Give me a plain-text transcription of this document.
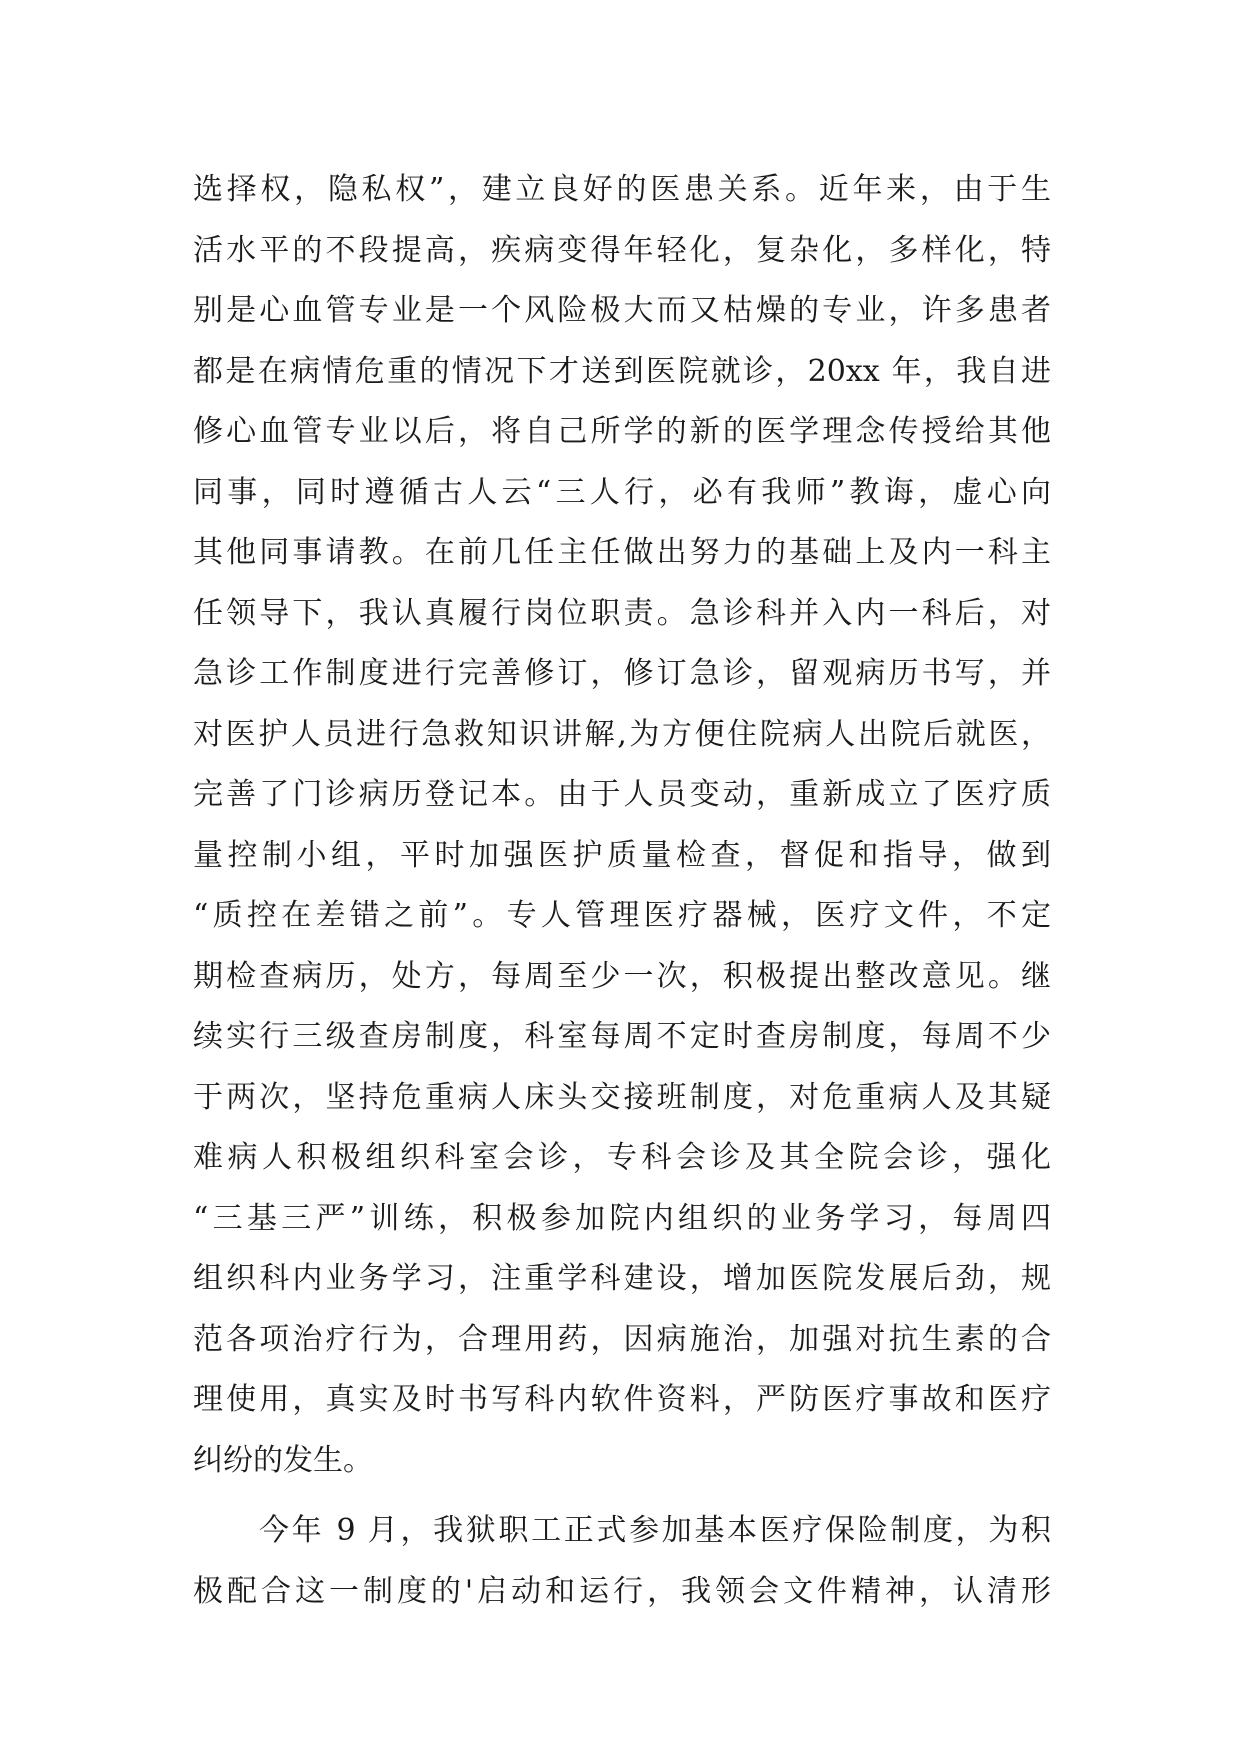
选择权，隐私权”，建立良好的医患关系。近年来，由于生
活水平的不段提高，疾病变得年轻化，复杂化，多样化，特
别是心血管专业是一个风险极大而又枯燥的专业，许多患者
都是在病情危重的情况下才送到医院就诊，20xx 年，我自进
修心血管专业以后，将自己所学的新的医学理念传授给其他
同事，同时遵循古人云“三人行，必有我师”教诲，虚心向
其他同事请教。在前几任主任做出努力的基础上及内一科主
任领导下，我认真履行岗位职责。急诊科并入内一科后，对
急诊工作制度进行完善修订，修订急诊，留观病历书写，并
对医护人员进行急救知识讲解,为方便住院病人出院后就医，
完善了门诊病历登记本。由于人员变动，重新成立了医疗质
量控制小组，平时加强医护质量检查，督促和指导，做到
“质控在差错之前”。专人管理医疗器械，医疗文件，不定
期检查病历，处方，每周至少一次，积极提出整改意见。继
续实行三级查房制度，科室每周不定时查房制度，每周不少
于两次，坚持危重病人床头交接班制度，对危重病人及其疑
难病人积极组织科室会诊，专科会诊及其全院会诊，强化
“三基三严”训练，积极参加院内组织的业务学习，每周四
组织科内业务学习，注重学科建设，增加医院发展后劲，规
范各项治疗行为，合理用药，因病施治，加强对抗生素的合
理使用，真实及时书写科内软件资料，严防医疗事故和医疗
纠纷的发生。
今年 9 月，我狱职工正式参加基本医疗保险制度，为积
极配合这一制度的'启动和运行，我领会文件精神，认清形
